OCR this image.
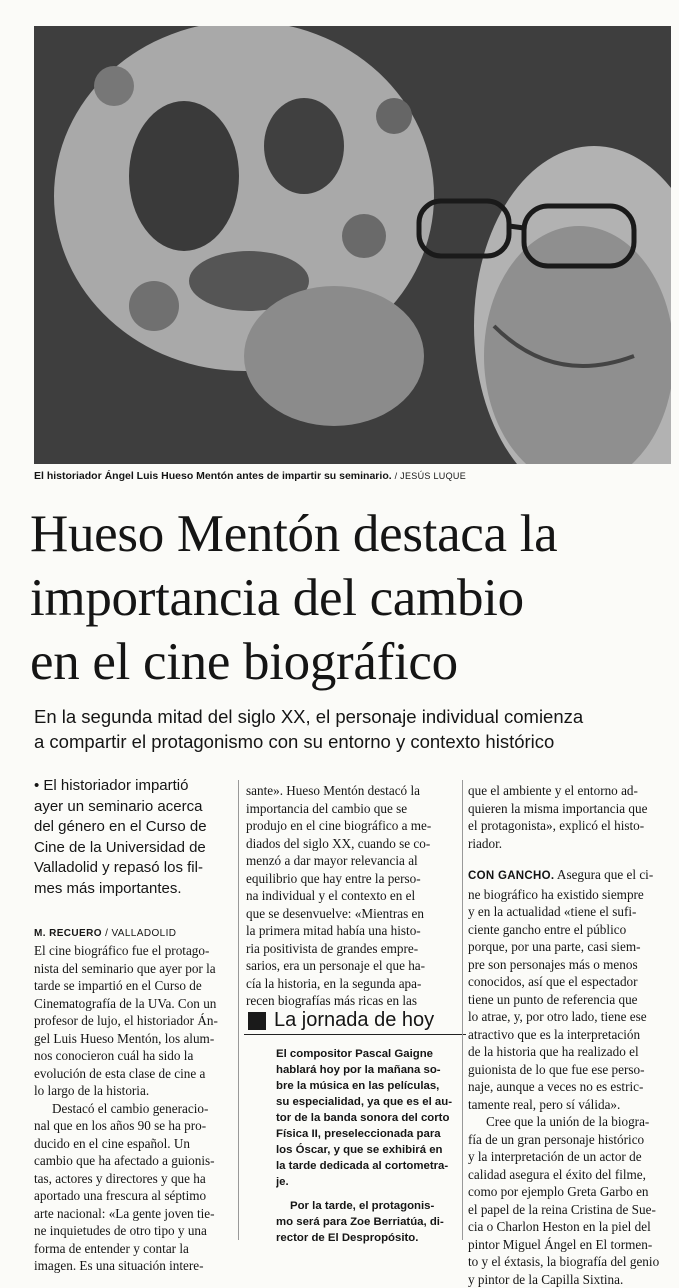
El historiador Ángel Luis Hueso Mentón antes de impartir su seminario. / JESÚS LUQUE
Hueso Mentón destaca la
importancia del cambio
en el cine biográfico
En la segunda mitad del siglo XX, el personaje individual comienza
a compartir el protagonismo con su entorno y contexto histórico
• El historiador impartió
ayer un seminario acerca
del género en el Curso de
Cine de la Universidad de
Valladolid y repasó los fil-
mes más importantes.
M. RECUERO / VALLADOLID
El cine biográfico fue el protago-
nista del seminario que ayer por la
tarde se impartió en el Curso de
Cinematografía de la UVa. Con un
profesor de lujo, el historiador Án-
gel Luis Hueso Mentón, los alum-
nos conocieron cuál ha sido la
evolución de esta clase de cine a
lo largo de la historia.
Destacó el cambio generacio-
nal que en los años 90 se ha pro-
ducido en el cine español. Un
cambio que ha afectado a guionis-
tas, actores y directores y que ha
aportado una frescura al séptimo
arte nacional: «La gente joven tie-
ne inquietudes de otro tipo y una
forma de entender y contar la
imagen. Es una situación intere-
sante». Hueso Mentón destacó la
importancia del cambio que se
produjo en el cine biográfico a me-
diados del siglo XX, cuando se co-
menzó a dar mayor relevancia al
equilibrio que hay entre la perso-
na individual y el contexto en el
que se desenvuelve: «Mientras en
la primera mitad había una histo-
ria positivista de grandes empre-
sarios, era un personaje el que ha-
cía la historia, en la segunda apa-
recen biografías más ricas en las
La jornada de hoy
El compositor Pascal Gaigne
hablará hoy por la mañana so-
bre la música en las películas,
su especialidad, ya que es el au-
tor de la banda sonora del corto
Física II, preseleccionada para
los Óscar, y que se exhibirá en
la tarde dedicada al cortometra-
je.
Por la tarde, el protagonis-
mo será para Zoe Berriatúa, di-
rector de El Despropósito.
que el ambiente y el entorno ad-
quieren la misma importancia que
el protagonista», explicó el histo-
riador.
CON GANCHO. Asegura que el ci-
ne biográfico ha existido siempre
y en la actualidad «tiene el sufi-
ciente gancho entre el público
porque, por una parte, casi siem-
pre son personajes más o menos
conocidos, así que el espectador
tiene un punto de referencia que
lo atrae, y, por otro lado, tiene ese
atractivo que es la interpretación
de la historia que ha realizado el
guionista de lo que fue ese perso-
naje, aunque a veces no es estric-
tamente real, pero sí válida».
Cree que la unión de la biogra-
fía de un gran personaje histórico
y la interpretación de un actor de
calidad asegura el éxito del filme,
como por ejemplo Greta Garbo en
el papel de la reina Cristina de Sue-
cia o Charlon Heston en la piel del
pintor Miguel Ángel en El tormen-
to y el éxtasis, la biografía del genio
y pintor de la Capilla Sixtina.
